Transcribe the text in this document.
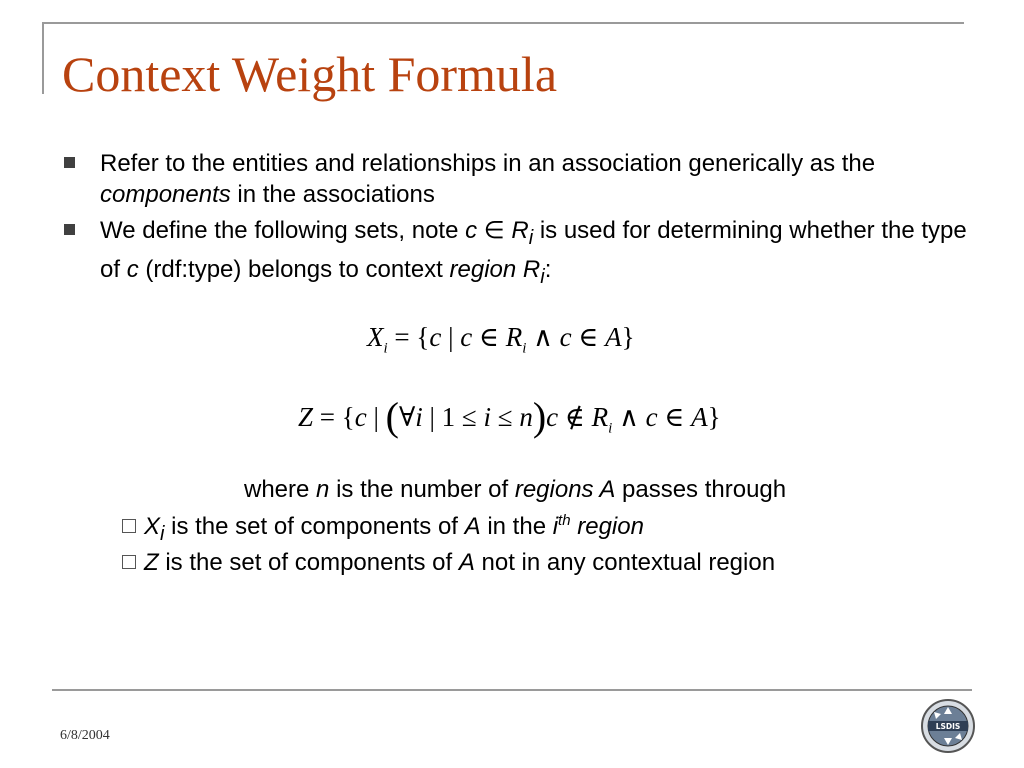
Context Weight Formula
Refer to the entities and relationships in an association generically as the components in the associations
We define the following sets, note c ∈ $R_i$ is used for determining whether the type of c (rdf:type) belongs to context region $R_i$:
$X_i = \{c$ | c ∈ $R_i$ ∧ c ∈ A}
Z = {c | (∀i | 1 ≤ i ≤ n)c ∉ $R_i$ ∧ c ∈ A}
where n is the number of regions A passes through
$X_i$ is the set of components of A in the $i^{th}$ region
Z is the set of components of A not in any contextual region
6/8/2004
LSDIS
